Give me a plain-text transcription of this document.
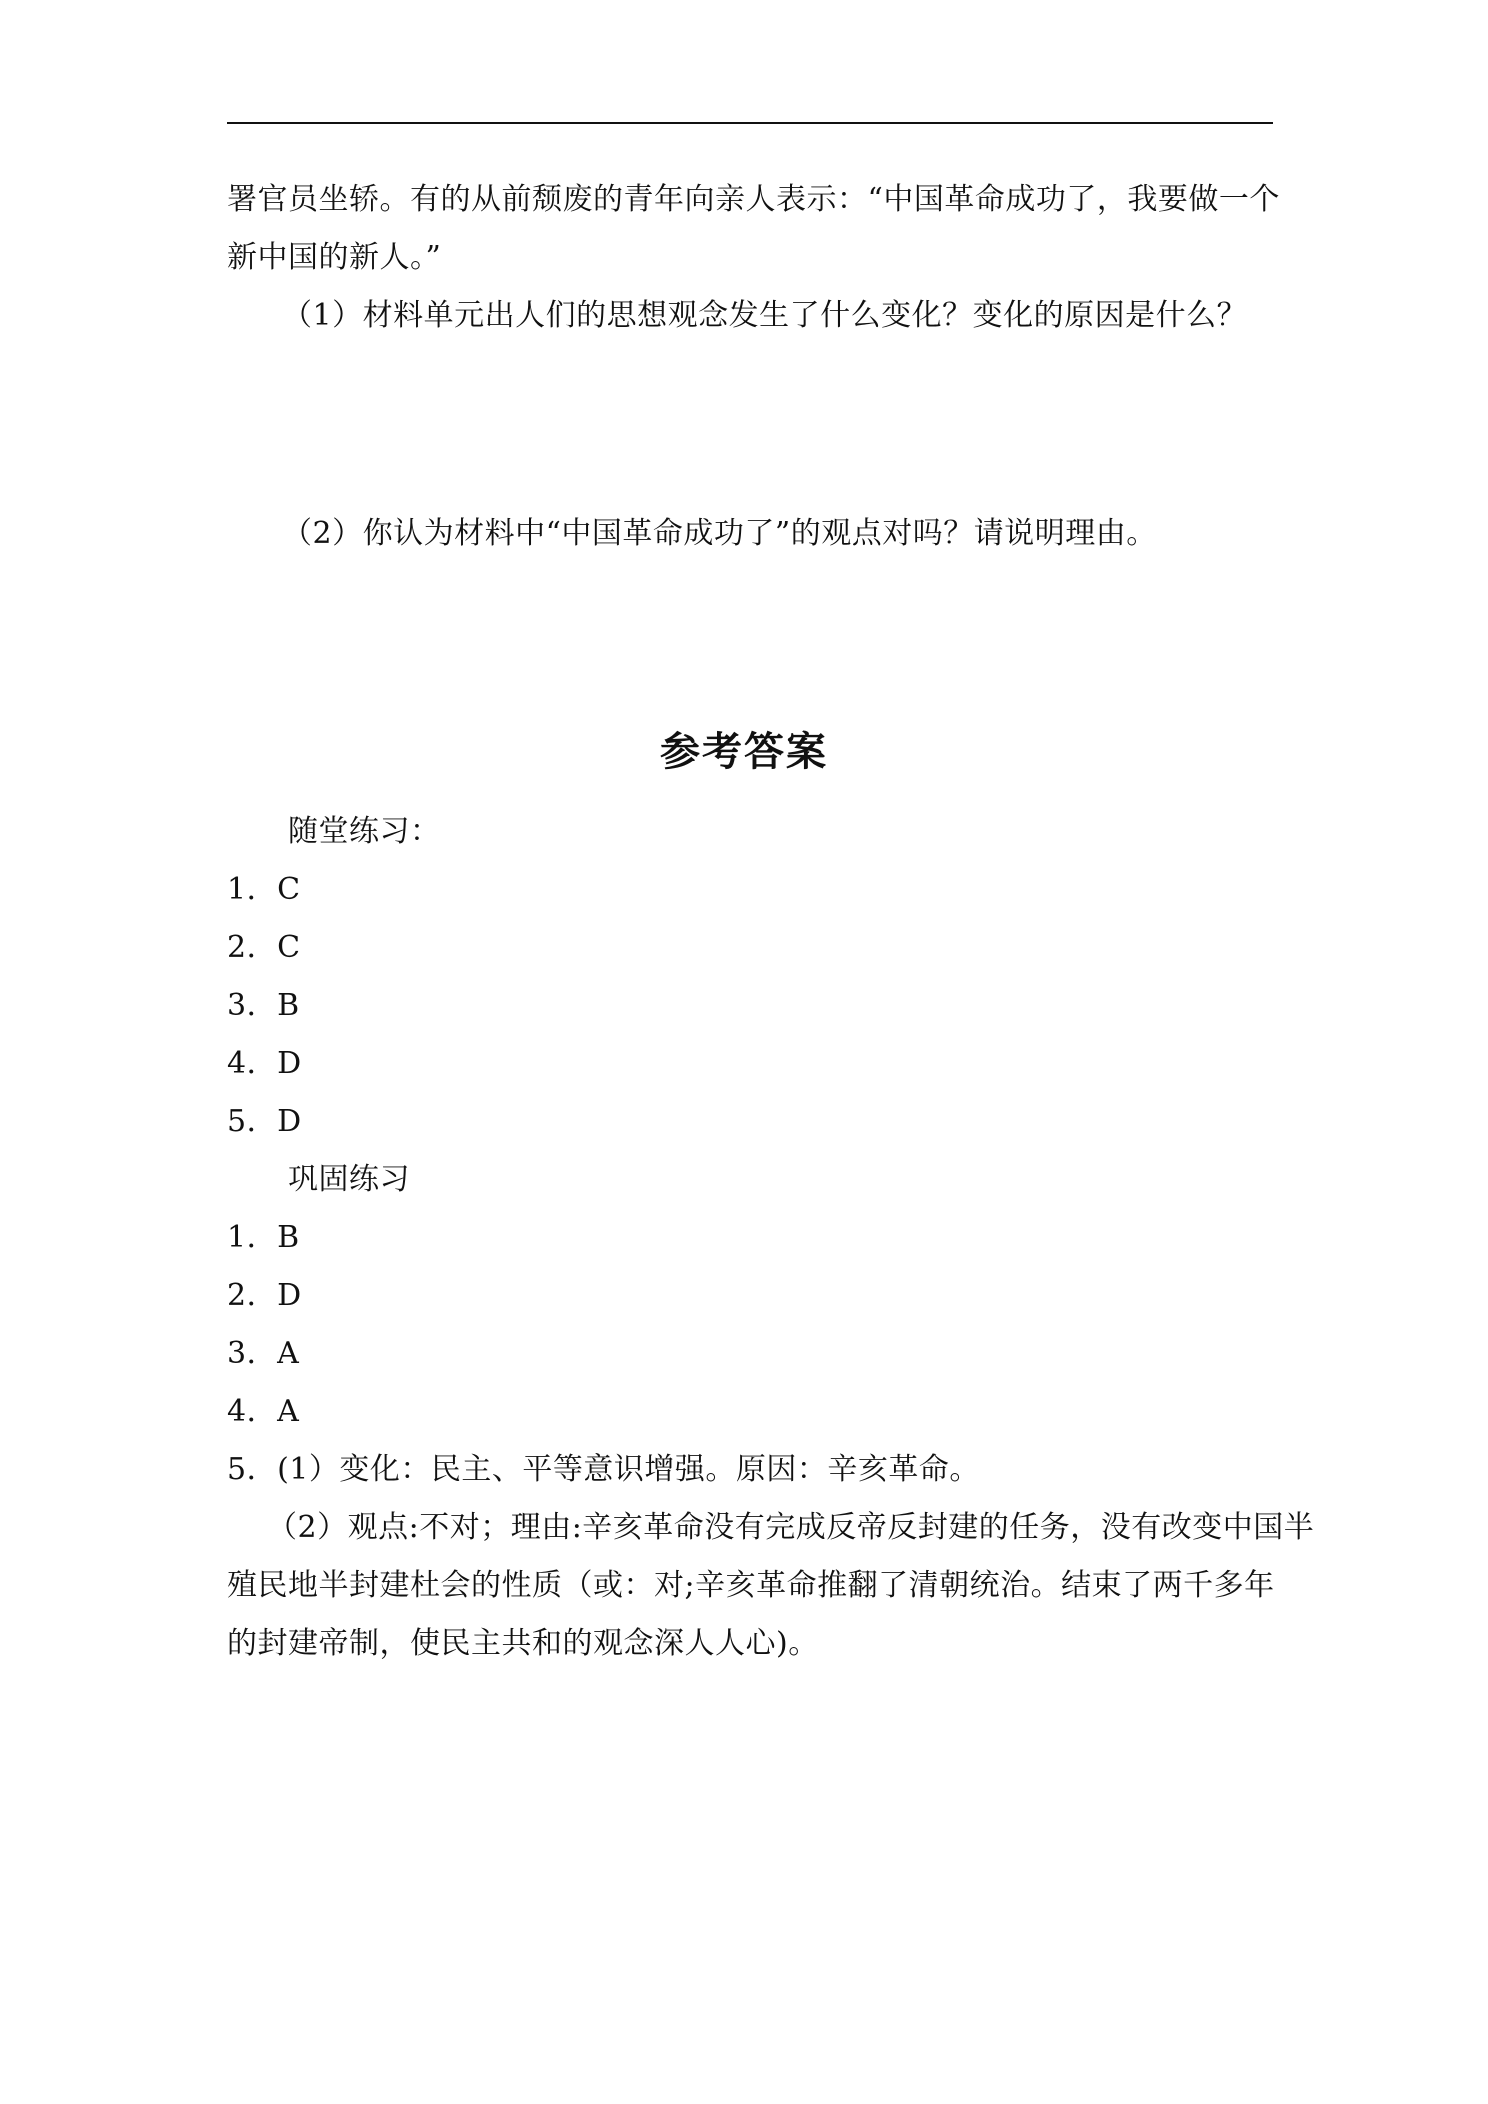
署官员坐轿。有的从前颓废的青年向亲人表示：“中国革命成功了，我要做一个
新中国的新人。”
（1）材料单元出人们的思想观念发生了什么变化？变化的原因是什么？
（2）你认为材料中“中国革命成功了”的观点对吗？请说明理由。
参考答案
随堂练习：
1．C
2．C
3．B
4．D
5．D
巩固练习
1．B
2．D
3．A
4．A
5．(1）变化：民主、平等意识增强。原因：辛亥革命。
（2）观点:不对；理由:辛亥革命没有完成反帝反封建的任务，没有改变中国半
殖民地半封建杜会的性质（或：对;辛亥革命推翻了清朝统治。结束了两千多年
的封建帝制，使民主共和的观念深人人心)。
